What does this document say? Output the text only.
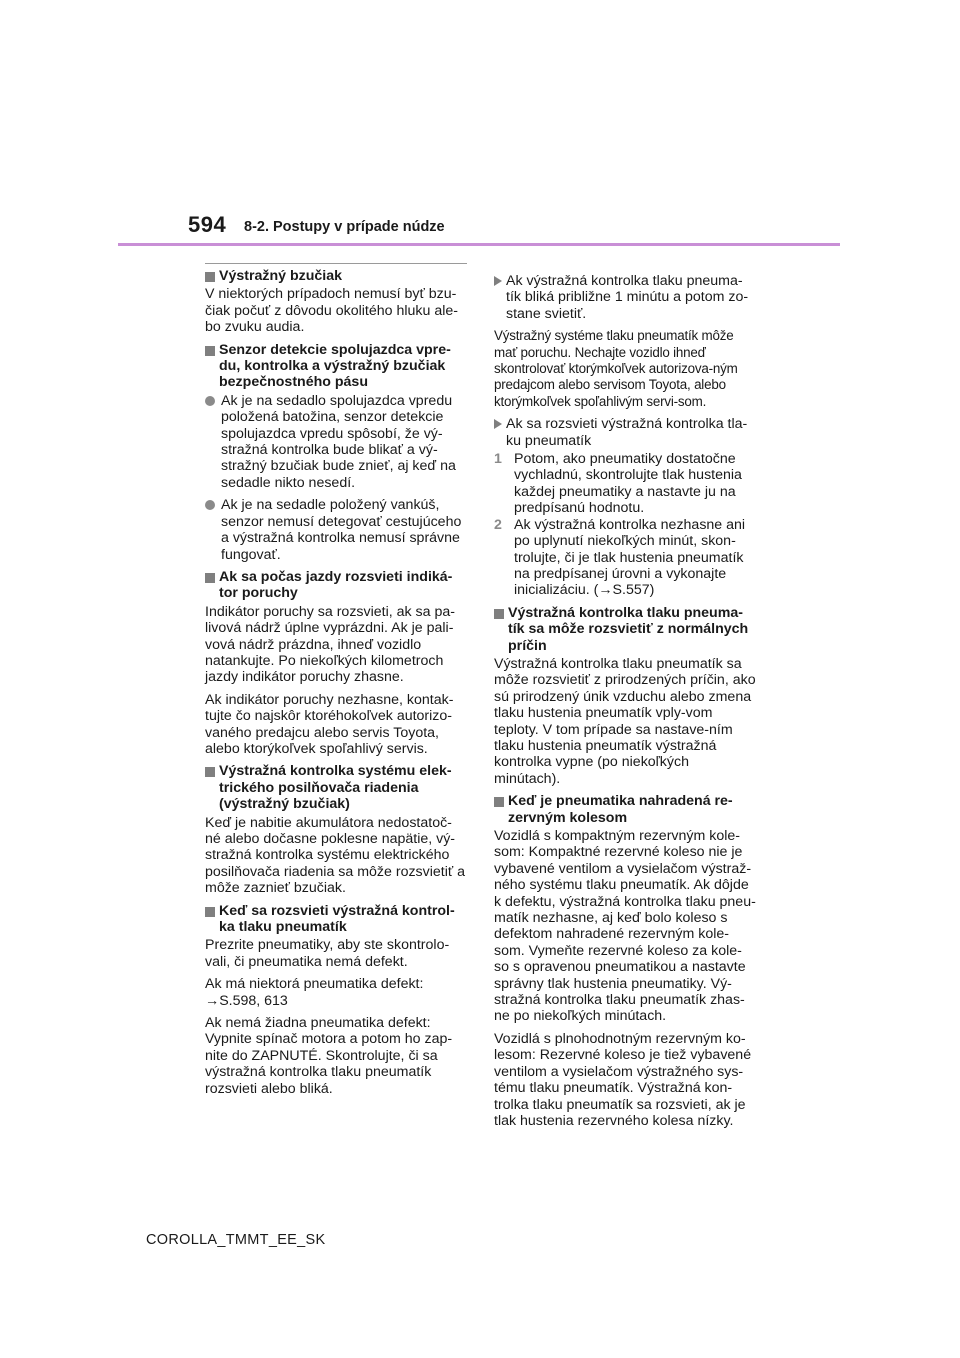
594 8-2. Postupy v prípade núdze
Výstražný bzučiak

V niektorých prípadoch nemusí byť bzu-čiak počuť z dôvodu okolitého hluku ale-bo zvuku audia.

Senzor detekcie spolujazdca vpre-du, kontrolka a výstražný bzučiak bezpečnostného pásu
Ak je na sedadlo spolujazdca vpredu položená batožina, senzor detekcie spolujazdca vpredu spôsobí, že vý-stražná kontrolka bude blikať a vý-stražný bzučiak bude znieť, aj keď na sedadle nikto nesedí.
Ak je na sedadle položený vankúš, senzor nemusí detegovať cestujúceho a výstražná kontrolka nemusí správne fungovať.
Ak sa počas jazdy rozsvieti indiká-tor poruchy

Indikátor poruchy sa rozsvieti, ak sa pa-livová nádrž úplne vyprázdni. Ak je pali-vová nádrž prázdna, ihneď vozidlo natankujte. Po niekoľkých kilometroch jazdy indikátor poruchy zhasne.

Ak indikátor poruchy nezhasne, kontak-tujte čo najskôr ktoréhokoľvek autorizo-vaného predajcu alebo servis Toyota, alebo ktorýkoľvek spoľahlivý servis.

Výstražná kontrolka systému elek-trického posilňovača riadenia (výstražný bzučiak)

Keď je nabitie akumulátora nedostatoč-né alebo dočasne poklesne napätie, vý-stražná kontrolka systému elektrického posilňovača riadenia sa môže rozsvietiť a môže zaznieť bzučiak.

Keď sa rozsvieti výstražná kontrol-ka tlaku pneumatík

Prezrite pneumatiky, aby ste skontrolo-vali, či pneumatika nemá defekt.

Ak má niektorá pneumatika defekt:

→S.598, 613

Ak nemá žiadna pneumatika defekt: Vypnite spínač motora a potom ho zap-nite do ZAPNUTÉ. Skontrolujte, či sa výstražná kontrolka tlaku pneumatík rozsvieti alebo bliká.

Ak výstražná kontrolka tlaku pneuma-tík bliká približne 1 minútu a potom zo-stane svietiť.

Výstražný systéme tlaku pneumatík môže mať poruchu. Nechajte vozidlo ihneď skontrolovať ktorýmkoľvek autorizova-ným predajcom alebo servisom Toyota, alebo ktorýmkoľvek spoľahlivým servi-som.

Ak sa rozsvieti výstražná kontrolka tla-ku pneumatík
1 Potom, ako pneumatiky dostatočne vychladnú, skontrolujte tlak hustenia každej pneumatiky a nastavte ju na predpísanú hodnotu.
2 Ak výstražná kontrolka nezhasne ani po uplynutí niekoľkých minút, skon-trolujte, či je tlak hustenia pneumatík na predpísanej úrovni a vykonajte inicializáciu. (→S.557)
Výstražná kontrolka tlaku pneuma-tík sa môže rozsvietiť z normálnych príčin

Výstražná kontrolka tlaku pneumatík sa môže rozsvietiť z prirodzených príčin, ako sú prirodzený únik vzduchu alebo zmena tlaku hustenia pneumatík vply-vom teploty. V tom prípade sa nastave-ním tlaku hustenia pneumatík výstražná kontrolka vypne (po niekoľkých minútach).

Keď je pneumatika nahradená re-zervným kolesom

Vozidlá s kompaktným rezervným kole-som: Kompaktné rezervné koleso nie je vybavené ventilom a vysielačom výstraž-ného systému tlaku pneumatík. Ak dôjde k defektu, výstražná kontrolka tlaku pneu-matík nezhasne, aj keď bolo koleso s defektom nahradené rezervným kole-som. Vymeňte rezervné koleso za kole-so s opravenou pneumatikou a nastavte správny tlak hustenia pneumatiky. Vý-stražná kontrolka tlaku pneumatík zhas-ne po niekoľkých minútach.

Vozidlá s plnohodnotným rezervným ko-lesom: Rezervné koleso je tiež vybavené ventilom a vysielačom výstražného sys-tému tlaku pneumatík. Výstražná kon-trolka tlaku pneumatík sa rozsvieti, ak je tlak hustenia rezervného kolesa nízky.

COROLLA_TMMT_EE_SK
